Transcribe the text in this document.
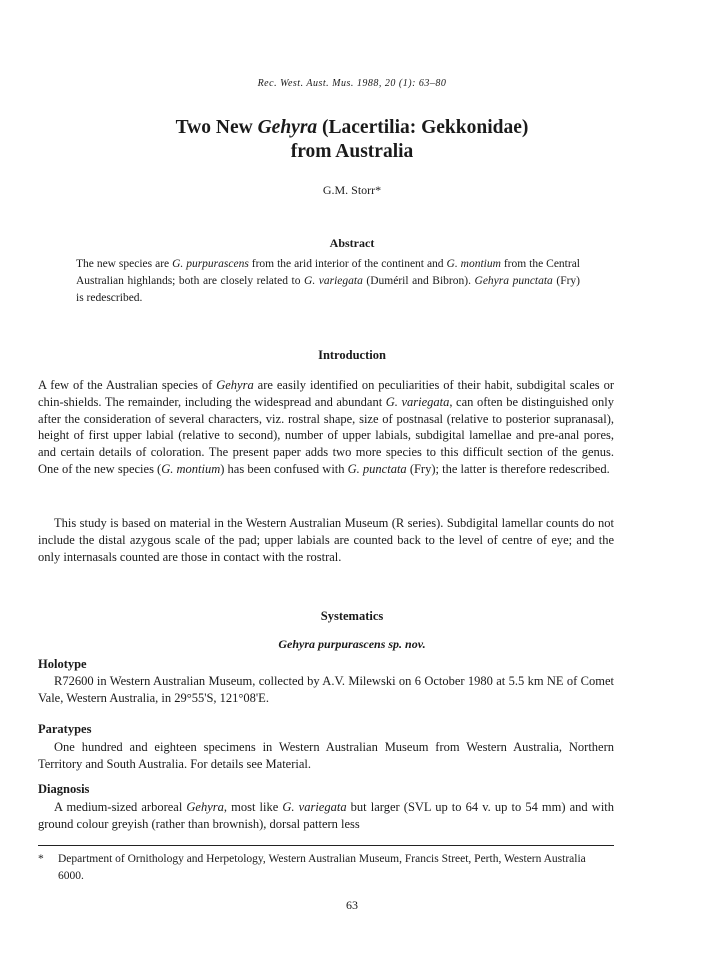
Rec. West. Aust. Mus. 1988, 20 (1): 63–80
Two New Gehyra (Lacertilia: Gekkonidae)
from Australia
G.M. Storr*
Abstract
The new species are G. purpurascens from the arid interior of the continent and G. montium from the Central Australian highlands; both are closely related to G. variegata (Duméril and Bibron). Gehyra punctata (Fry) is redescribed.
Introduction
A few of the Australian species of Gehyra are easily identified on peculiarities of their habit, subdigital scales or chin-shields. The remainder, including the widespread and abundant G. variegata, can often be distinguished only after the consideration of several characters, viz. rostral shape, size of postnasal (relative to posterior supranasal), height of first upper labial (relative to second), number of upper labials, subdigital lamellae and pre-anal pores, and certain details of coloration. The present paper adds two more species to this difficult section of the genus. One of the new species (G. montium) has been confused with G. punctata (Fry); the latter is therefore redescribed.
This study is based on material in the Western Australian Museum (R series). Subdigital lamellar counts do not include the distal azygous scale of the pad; upper labials are counted back to the level of centre of eye; and the only internasals counted are those in contact with the rostral.
Systematics
Gehyra purpurascens sp. nov.
Holotype
R72600 in Western Australian Museum, collected by A.V. Milewski on 6 October 1980 at 5.5 km NE of Comet Vale, Western Australia, in 29°55'S, 121°08'E.
Paratypes
One hundred and eighteen specimens in Western Australian Museum from Western Australia, Northern Territory and South Australia. For details see Material.
Diagnosis
A medium-sized arboreal Gehyra, most like G. variegata but larger (SVL up to 64 v. up to 54 mm) and with ground colour greyish (rather than brownish), dorsal pattern less
* Department of Ornithology and Herpetology, Western Australian Museum, Francis Street, Perth, Western Australia 6000.
63
